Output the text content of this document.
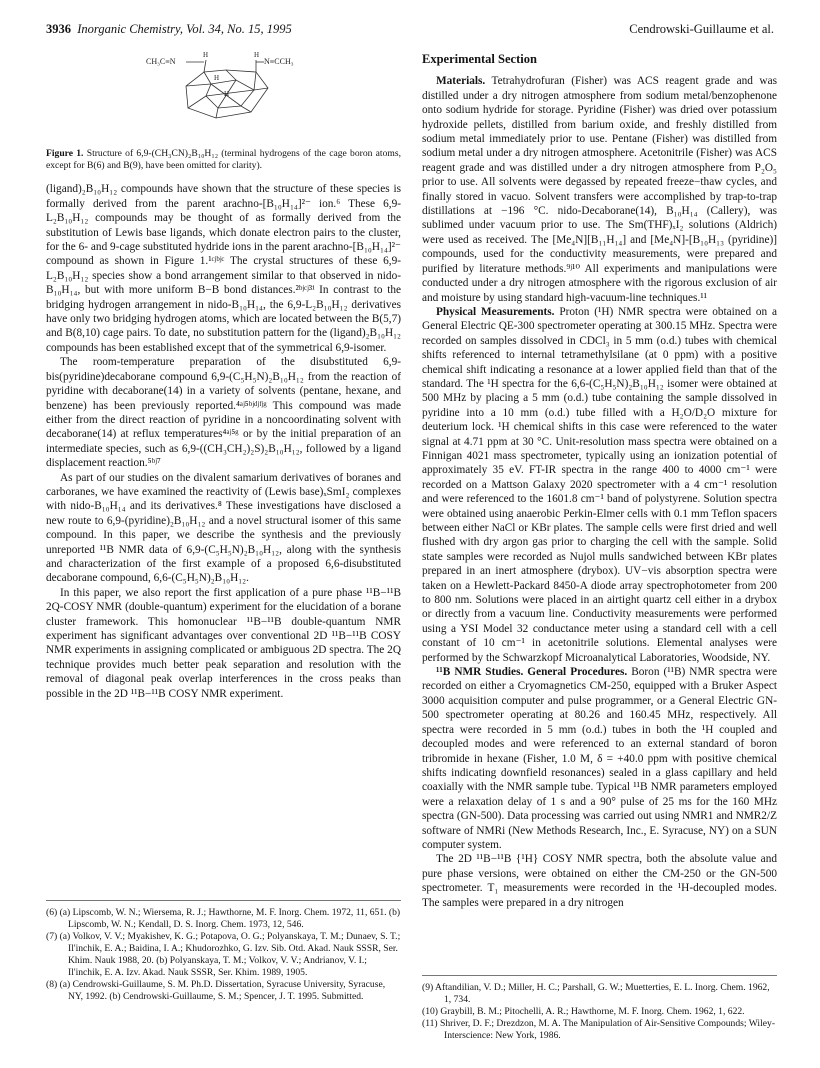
3936 Inorganic Chemistry, Vol. 34, No. 15, 1995	Cendrowski-Guillaume et al.
CH₃C≡N	N≡CCH₃
H	H
H
H
Figure 1. Structure of 6,9-(CH₃CN)₂B₁₀H₁₂ (terminal hydrogens of the cage boron atoms, except for B(6) and B(9), have been omitted for clarity).

(ligand)₂B₁₀H₁₂ compounds have shown that the structure of these species is formally derived from the parent arachno-[B₁₀H₁₄]²⁻ ion.⁶ These 6,9-L₂B₁₀H₁₂ compounds may be thought of as formally derived from the substitution of Lewis base ligands, which donate electron pairs to the cluster, for the 6- and 9-cage substituted hydride ions in the parent arachno-[B₁₀H₁₄]²⁻ compound as shown in Figure 1.¹ᶜʲᵇʲᶜ The crystal structures of these 6,9-L₂B₁₀H₁₂ species show a bond arrangement similar to that observed in nido-B₁₀H₁₄, but with more uniform B−B bond distances.²ᵇʲᶜʲ³ⁱ In contrast to the bridging hydrogen arrangement in nido-B₁₀H₁₄, the 6,9-L₂B₁₀H₁₂ derivatives have only two bridging hydrogen atoms, which are located between the B(5,7) and B(8,10) cage pairs. To date, no substitution pattern for the (ligand)₂B₁₀H₁₂ compounds has been established except that of the symmetrical 6,9-isomer.

The room-temperature preparation of the disubstituted 6,9-bis(pyridine)decaborane compound 6,9-(C₅H₅N)₂B₁₀H₁₂ from the reaction of pyridine with decaborane(14) in a variety of solvents (pentane, hexane, and benzene) has been previously reported.⁴ᵃʲ⁵ᵇʲᵈʲᶠʲᵍ This compound was made either from the direct reaction of pyridine in a noncoordinating solvent with decaborane(14) at reflux temperatures⁴ᵃʲ⁵ᵍ or by the initial preparation of an intermediate species, such as 6,9-((CH₃CH₂)₂S)₂B₁₀H₁₂, followed by a ligand displacement reaction.⁵ᵇʲ⁷

As part of our studies on the divalent samarium derivatives of boranes and carboranes, we have examined the reactivity of (Lewis base)ₓSmI₂ complexes with nido-B₁₀H₁₄ and its derivatives.⁸ These investigations have disclosed a new route to 6,9-(pyridine)₂B₁₀H₁₂ and a novel structural isomer of this same compound. In this paper, we describe the synthesis and the previously unreported ¹¹B NMR data of 6,9-(C₅H₅N)₂B₁₀H₁₂, along with the synthesis and characterization of the first example of a proposed 6,6-disubstituted decaborane compound, 6,6-(C₅H₅N)₂B₁₀H₁₂.

In this paper, we also report the first application of a pure phase ¹¹B−¹¹B 2Q-COSY NMR (double-quantum) experiment for the elucidation of a borane cluster framework. This homonuclear ¹¹B−¹¹B double-quantum NMR experiment has significant advantages over conventional 2D ¹¹B−¹¹B COSY NMR experiments in assigning complicated or ambiguous 2D spectra. The 2Q technique provides much better peak separation and resolution with the removal of diagonal peak overlap interferences in the cross peaks than possible in the 2D ¹¹B−¹¹B COSY NMR experiment.

(6) (a) Lipscomb, W. N.; Wiersema, R. J.; Hawthorne, M. F. Inorg. Chem. 1972, 11, 651. (b) Lipscomb, W. N.; Kendall, D. S. Inorg. Chem. 1973, 12, 546.
(7) (a) Volkov, V. V.; Myakishev, K. G.; Potapova, O. G.; Polyanskaya, T. M.; Dunaev, S. T.; Il'inchik, E. A.; Baidina, I. A.; Khudorozhko, G. Izv. Sib. Otd. Akad. Nauk SSSR, Ser. Khim. Nauk 1988, 20. (b) Polyanskaya, T. M.; Volkov, V. V.; Andrianov, V. I.; Il'inchik, E. A. Izv. Akad. Nauk SSSR, Ser. Khim. 1989, 1905.
(8) (a) Cendrowski-Guillaume, S. M. Ph.D. Dissertation, Syracuse University, Syracuse, NY, 1992. (b) Cendrowski-Guillaume, S. M.; Spencer, J. T. 1995. Submitted.
Experimental Section

Materials. Tetrahydrofuran (Fisher) was ACS reagent grade and was distilled under a dry nitrogen atmosphere from sodium metal/benzophenone onto sodium hydride for storage. Pyridine (Fisher) was dried over potassium hydroxide pellets, distilled from barium oxide, and freshly distilled from sodium metal immediately prior to use. Pentane (Fisher) was distilled from sodium metal under a dry nitrogen atmosphere. Acetonitrile (Fisher) was ACS reagent grade and was distilled under a dry nitrogen atmosphere from P₂O₅ prior to use. All solvents were degassed by repeated freeze−thaw cycles, and finally stored in vacuo. Solvent transfers were accomplished by trap-to-trap distillations at −196 °C. nido-Decaborane(14), B₁₀H₁₄ (Callery), was sublimed under vacuum prior to use. The Sm(THF)ₓI₂ solutions (Aldrich) were used as received. The [Me₄N][B₁₁H₁₄] and [Me₄N]-[B₁₀H₁₃ (pyridine)] compounds, used for the conductivity measurements, were prepared and purified by literature methods.⁹ʲ¹⁰ All experiments and manipulations were conducted under a dry nitrogen atmosphere with the rigorous exclusion of air and moisture by using standard high-vacuum-line techniques.¹¹

Physical Measurements. Proton (¹H) NMR spectra were obtained on a General Electric QE-300 spectrometer operating at 300.15 MHz. Spectra were recorded on samples dissolved in CDCl₃ in 5 mm (o.d.) tubes with chemical shifts referenced to internal tetramethylsilane (at 0 ppm) with a positive chemical shift indicating a resonance at a lower applied field than that of the standard. The ¹H spectra for the 6,6-(C₅H₅N)₂B₁₀H₁₂ isomer were obtained at 500 MHz by placing a 5 mm (o.d.) tube containing the sample dissolved in pyridine into a 10 mm (o.d.) tube filled with a H₂O/D₂O mixture for deuterium lock. ¹H chemical shifts in this case were referenced to the water signal at 4.71 ppm at 30 °C. Unit-resolution mass spectra were obtained on a Finnigan 4021 mass spectrometer, typically using an ionization potential of approximately 35 eV. FT-IR spectra in the range 400 to 4000 cm⁻¹ were recorded on a Mattson Galaxy 2020 spectrometer with a 4 cm⁻¹ resolution and were referenced to the 1601.8 cm⁻¹ band of polystyrene. Solution spectra were obtained using anaerobic Perkin-Elmer cells with 0.1 mm Teflon spacers between either NaCl or KBr plates. The sample cells were first dried and well flushed with dry argon gas prior to charging the cell with the sample. Solid state samples were recorded as Nujol mulls sandwiched between KBr plates prepared in an inert atmosphere (drybox). UV−vis absorption spectra were taken on a Hewlett-Packard 8450-A diode array spectrophotometer from 200 to 800 nm. Solutions were placed in an airtight quartz cell either in a drybox or directly from a vacuum line. Conductivity measurements were performed using a YSI Model 32 conductance meter using a standard cell with a cell constant of 10 cm⁻¹ in acetonitrile solutions. Elemental analyses were performed by the Schwarzkopf Microanalytical Laboratories, Woodside, NY.

¹¹B NMR Studies. General Procedures. Boron (¹¹B) NMR spectra were recorded on either a Cryomagnetics CM-250, equipped with a Bruker Aspect 3000 acquisition computer and pulse programmer, or a General Electric GN-500 spectrometer operating at 80.26 and 160.45 MHz, respectively. All spectra were recorded in 5 mm (o.d.) tubes in both the ¹H coupled and decoupled modes and were referenced to an external standard of boron tribromide in hexane (Fisher, 1.0 M, δ = +40.0 ppm with positive chemical shifts indicating downfield resonances) sealed in a glass capillary and held coaxially with the NMR sample tube. Typical ¹¹B NMR parameters employed were a relaxation delay of 1 s and a 90° pulse of 25 ms for the 160 MHz spectra (GN-500). Data processing was carried out using NMR1 and NMR2/Z software of NMRi (New Methods Research, Inc., E. Syracuse, NY) on a SUN computer system.

The 2D ¹¹B−¹¹B {¹H} COSY NMR spectra, both the absolute value and pure phase versions, were obtained on either the CM-250 or the GN-500 spectrometer. T₁ measurements were recorded in the ¹H-decoupled modes. The samples were prepared in a dry nitrogen

(9) Aftandilian, V. D.; Miller, H. C.; Parshall, G. W.; Muetterties, E. L. Inorg. Chem. 1962, 1, 734.
(10) Graybill, B. M.; Pitochelli, A. R.; Hawthorne, M. F. Inorg. Chem. 1962, 1, 622.
(11) Shriver, D. F.; Drezdzon, M. A. The Manipulation of Air-Sensitive Compounds; Wiley-Interscience: New York, 1986.
